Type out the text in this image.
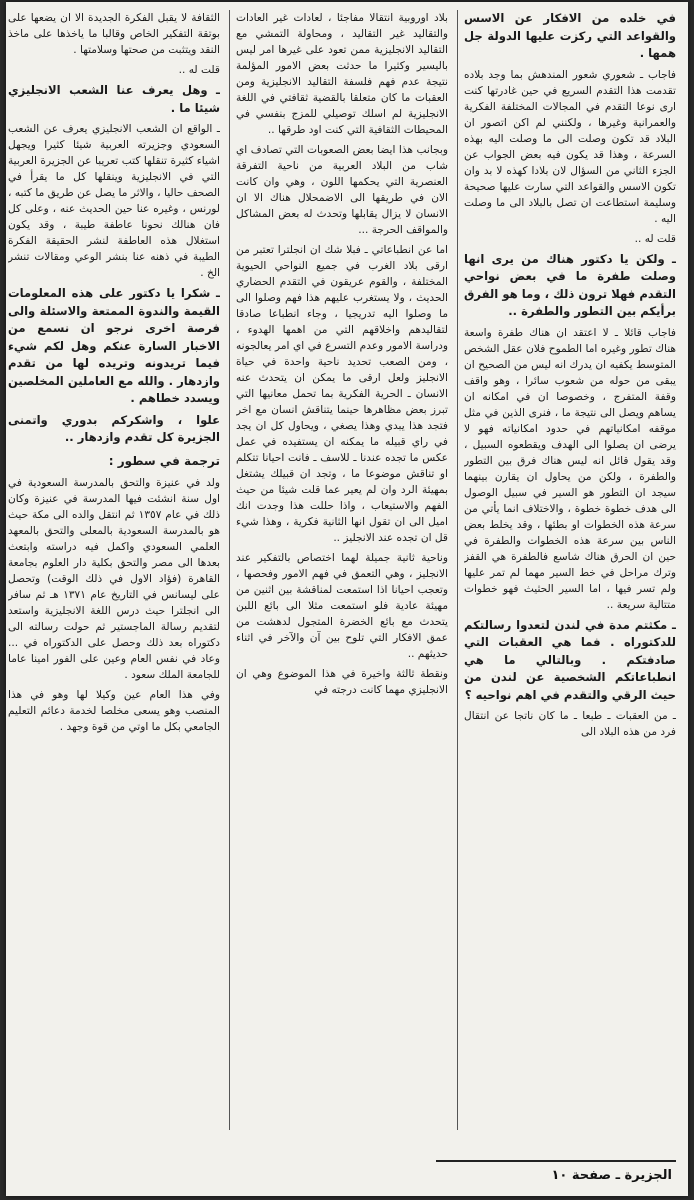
في خلده من الافكار عن الاسس والقواعد التي ركزت عليها الدولة جل همها .

فاجاب ـ شعوري شعور المندهش بما وجد بلاده تقدمت هذا التقدم السريع في حين غادرتها كنت ارى نوعا التقدم في المجالات المختلفة الفكرية والعمرانية وغيرها ، ولكنني لم اكن اتصور ان البلاد قد تكون وصلت الى ما وصلت اليه بهذه السرعة ، وهذا قد يكون فيه بعض الجواب عن الجزء الثاني من السؤال لان بلادا كهذه لا بد وان تكون الاسس والقواعد التي سارت عليها صحيحة وسليمة استطاعت ان تصل بالبلاد الى ما وصلت اليه .

قلت له ..

ـ ولكن يا دكتور هناك من يرى انها وصلت طفرة ما في بعض نواحي التقدم فهلا ترون ذلك ، وما هو الفرق برأيكم بين التطور والطفرة ..

فاجاب قائلا ـ لا اعتقد ان هناك طفرة واسعة هناك تطور وغيره اما الطموح فلان عقل الشخص المتوسط يكفيه ان يدرك انه ليس من الصحيح ان يبقى من حوله من شعوب سائرا ، وهو واقف وقفة المتفرج ، وخصوصا ان في امكانه ان يساهم ويصل الى نتيجة ما ، فنرى الذين في مثل موقفه امكانياتهم في حدود امكانياته فهو لا يرضى ان يصلوا الى الهدف ويقطعوه السبيل ، وقد يقول قائل انه ليس هناك فرق بين التطور والطفرة ، ولكن من يحاول ان يقارن بينهما سيجد ان التطور هو السير في سبيل الوصول الى هدف خطوة خطوة ، والاختلاف انما يأتي من سرعة هذه الخطوات او بطئها ، وقد يخلط بعض الناس بين سرعة هذه الخطوات والطفرة في حين ان الحرق هناك شاسع فالطفرة هي القفز وترك مراحل في خط السير مهما لم تمر عليها ولم تسر فيها ، اما السير الحثيث فهو خطوات متتالية سريعة ..

ـ مكثتم مدة في لندن لتعدوا رسالتكم للدكتوراه . فما هي العقبات التي صادفتكم . وبالتالي ما هي انطباعاتكم الشخصية عن لندن من حيث الرقي والتقدم في اهم نواحيه ؟

ـ من العقبات ـ طبعا ـ ما كان ناتجا عن انتقال فرد من هذه البلاد الى

بلاد اوروبية انتقالا مفاجئا ، لعادات غير العادات والتقاليد غير التقاليد ، ومحاولة التمشي مع التقاليد الانجليزية ممن تعود على غيرها امر ليس باليسير وكثيرا ما حدثت بعض الامور المؤلمة نتيجة عدم فهم فلسفة التقاليد الانجليزية ومن العقبات ما كان متعلقا بالقضية ثقافتي في اللغة الانجليزية لم اسلك توصيلي للمزج بنفسي في المحيطات الثقافية التي كنت اود طرقها ..

وبجانب هذا ايضا بعض الصعوبات التي تصادف اي شاب من البلاد العربية من ناحية التفرقة العنصرية التي يحكمها اللون ، وهي وان كانت الان في طريقها الى الاضمحلال هناك الا ان الانسان لا يزال يقابلها وتحدث له بعض المشاكل والمواقف الحرجة ...

اما عن انطباعاتي ـ فبلا شك ان انجلترا تعتبر من ارقى بلاد الغرب في جميع النواحي الحيوية المختلفة ، والقوم عريقون في التقدم الحضاري الحديث ، ولا يستغرب عليهم هذا فهم وصلوا الى ما وصلوا اليه تدريجيا ، وجاء انطباعا صادقا لتقاليدهم واخلاقهم التي من اهمها الهدوء ، ودراسة الامور وعدم التسرع في اي امر يعالجونه ، ومن الصعب تحديد ناحية واحدة في حياة الانجليز ولعل ارقى ما يمكن ان يتحدث عنه الانسان ـ الحرية الفكرية بما تحمل معانيها التي تبرز بعض مظاهرها حينما يتناقش انسان مع اخر فتجد هذا يبدي وهذا يصغي ، ويحاول كل ان يجد في راي قبيله ما يمكنه ان يستفيده في عمل عكس ما تجده عندنا ـ للاسف ـ فانت احيانا تتكلم او تناقش موضوعا ما ، وتجد ان قبيلك يشتغل بمهيئة الرد وان لم يعير عما قلت شيئا من حيث الفهم والاستيعاب ، واذا حللت هذا وجدت انك اميل الى ان تقول انها الثانية فكرية ، وهذا شيء قل ان تجده عند الانجليز ..

وناحية ثانية جميلة لهما اختصاص بالتفكير عند الانجليز ، وهي التعمق في فهم الامور وفحصها ، وتعجب احيانا اذا استمعت لمناقشة بين اثنين من مهيئة عادية فلو استمعت مثلا الى بائع اللبن يتحدث مع بائع الخضرة المتجول لدهشت من عمق الافكار التي تلوح بين آن والآخر في اثناء حديثهم ..

ونقطة ثالثة واخيرة في هذا الموضوع وهي ان الانجليزي مهما كانت درجته في

الثقافة لا يقبل الفكرة الجديدة الا ان يضعها على بوتقة التفكير الخاص وقالبا ما ياخذها على ماخذ النقد ويتثبت من صحتها وسلامتها .

قلت له ..

ـ وهل يعرف عنا الشعب الانجليزي شيئا ما .

ـ الواقع ان الشعب الانجليزي يعرف عن الشعب السعودي وجزيرته العربية شيئا كثيرا ويجهل اشياء كثيرة تنقلها كتب تعريبا عن الجزيرة العربية التي في الانجليزية وينقلها كل ما يقرأ في الصحف حاليا ، والاثر ما يصل عن طريق ما كتبه ، لورنس ، وغيره عنا حين الحديث عنه ، وعلى كل فان هنالك نحونا عاطفة طيبة ، وقد يكون استغلال هذه العاطفة لنشر الحقيقة الفكرة الطيبة في ذهنه عنا بنشر الوعي ومقالات تنشر الخ .

ـ شكرا يا دكتور على هذه المعلومات القيمة والندوة الممتعة والاسئلة والى فرصة اخرى نرجو ان نسمع من الاخبار السارة عنكم وهل لكم شيء فيما تريدونه وتريده لها من تقدم وازدهار . والله مع العاملين المخلصين ويسدد خطاهم .

علوا ، واشكركم بدوري واتمنى الجزيرة كل تقدم وازدهار ..

ترجمة في سطور :

ولد في عنيزة والتحق بالمدرسة السعودية في اول سنة انشئت فيها المدرسة في عنيزة وكان ذلك في عام ١٣٥٧ ثم انتقل والده الى مكة حيث هو بالمدرسة السعودية بالمعلى والتحق بالمعهد العلمي السعودي واكمل فيه دراسته وابتعث بعدها الى مصر والتحق بكلية دار العلوم بجامعة القاهرة (فؤاد الاول في ذلك الوقت) وتحصل على ليسانس في التاريخ عام ١٣٧١ هـ ثم سافر الى انجلترا حيث درس اللغة الانجليزية واستعد لتقديم رسالة الماجستير ثم حولت رسالته الى دكتوراه بعد ذلك وحصل على الدكتوراه في ... وعاد في نفس العام وعين على الفور امينا عاما للجامعة الملك سعود .

وفي هذا العام عين وكيلا لها وهو في هذا المنصب وهو يسعى مخلصا لخدمة دعائم التعليم الجامعي بكل ما اوتي من قوة وجهد .

الجزيرة ـ صفحة ١٠
